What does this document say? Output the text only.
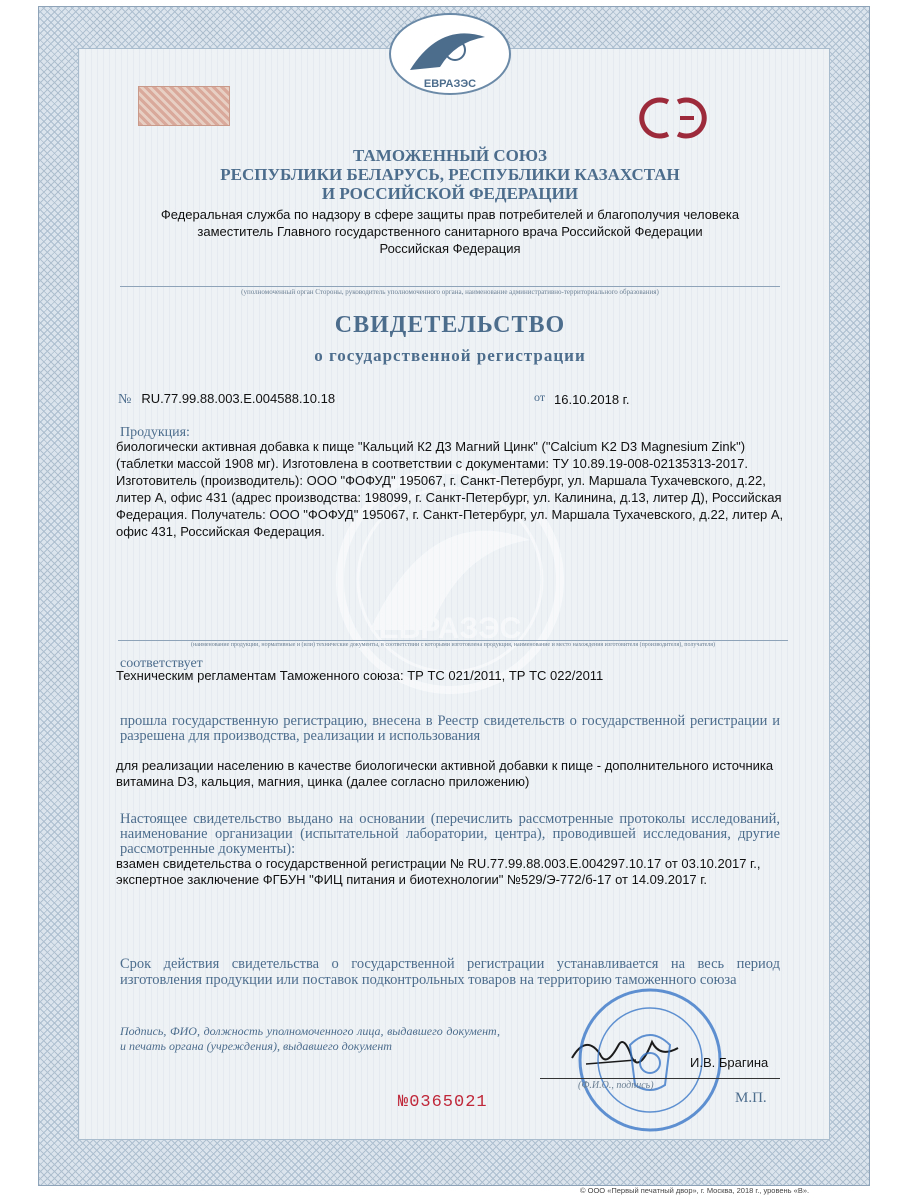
ЕВРАЗЭС
ТАМОЖЕННЫЙ СОЮЗ
РЕСПУБЛИКИ БЕЛАРУСЬ, РЕСПУБЛИКИ КАЗАХСТАН
И РОССИЙСКОЙ ФЕДЕРАЦИИ
Федеральная служба по надзору в сфере защиты прав потребителей и благополучия человека
заместитель Главного государственного санитарного врача Российской Федерации
Российская Федерация
(уполномоченный орган Стороны, руководитель уполномоченного органа, наименование административно-территориального образования)
СВИДЕТЕЛЬСТВО
о государственной регистрации
№ RU.77.99.88.003.E.004588.10.18	от 16.10.2018 г.
ЕВРАЗЭС
Продукция:
биологически активная добавка к пище "Кальций К2 Д3 Магний Цинк" ("Calcium K2 D3 Magnesium Zink") (таблетки массой 1908 мг). Изготовлена в соответствии с документами: ТУ 10.89.19-008-02135313-2017. Изготовитель (производитель): ООО "ФОФУД" 195067, г. Санкт-Петербург, ул. Маршала Тухачевского, д.22, литер А, офис 431 (адрес производства: 198099, г. Санкт-Петербург, ул. Калинина, д.13, литер Д), Российская Федерация. Получатель: ООО "ФОФУД" 195067, г. Санкт-Петербург, ул. Маршала Тухачевского, д.22, литер А, офис 431, Российская Федерация.
(наименование продукции, нормативные и (или) технические документы, в соответствии с которыми изготовлена продукция, наименование и место нахождения изготовителя (производителя), получателя)
соответствует
Техническим регламентам Таможенного союза: ТР ТС 021/2011, ТР ТС 022/2011
прошла государственную регистрацию, внесена в Реестр свидетельств о государственной регистрации и разрешена для производства, реализации и использования
для реализации населению в качестве биологически активной добавки к пище - дополнительного источника витамина D3, кальция, магния, цинка (далее согласно приложению)
Настоящее свидетельство выдано на основании (перечислить рассмотренные протоколы исследований, наименование организации (испытательной лаборатории, центра), проводившей исследования, другие рассмотренные документы):
взамен свидетельства о государственной регистрации № RU.77.99.88.003.Е.004297.10.17 от 03.10.2017 г., экспертное заключение ФГБУН "ФИЦ питания и биотехнологии" №529/Э-772/б-17 от 14.09.2017 г.
Срок действия свидетельства о государственной регистрации устанавливается на весь период изготовления продукции или поставок подконтрольных товаров на территорию таможенного союза
Подпись, ФИО, должность уполномоченного лица, выдавшего документ, и печать органа (учреждения), выдавшего документ
И.В. Брагина
(Ф.И.О., подпись)
М.П.
№0365021
© ООО «Первый печатный двор», г. Москва, 2018 г., уровень «В».
